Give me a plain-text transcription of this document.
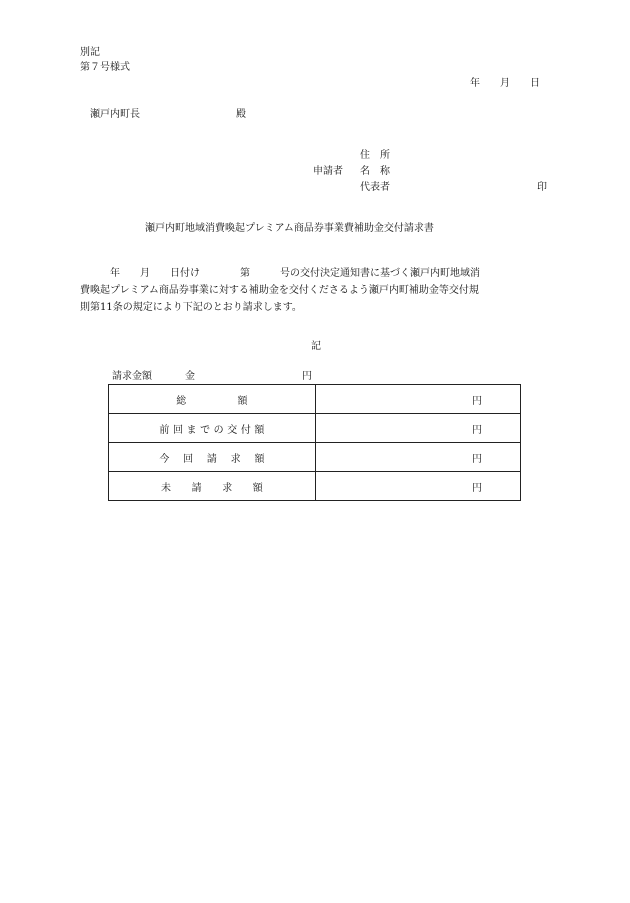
別記
第７号様式
年　　月　　日
瀬戸内町長	殿
住　所
申請者 名　称
代表者	印
瀬戸内町地域消費喚起プレミアム商品券事業費補助金交付請求書
　　　年　　月　　日付け　　　　第　　　号の交付決定通知書に基づく瀬戸内町地域消
費喚起プレミアム商品券事業に対する補助金を交付くださるよう瀬戸内町補助金等交付規
則第11条の規定により下記のとおり請求します。
記
請求金額	金	円
総　　　　　額	円
前 回 ま で の 交 付 額	円
今　 回　 請　 求　 額	円
未　　請　　求　　額	円
